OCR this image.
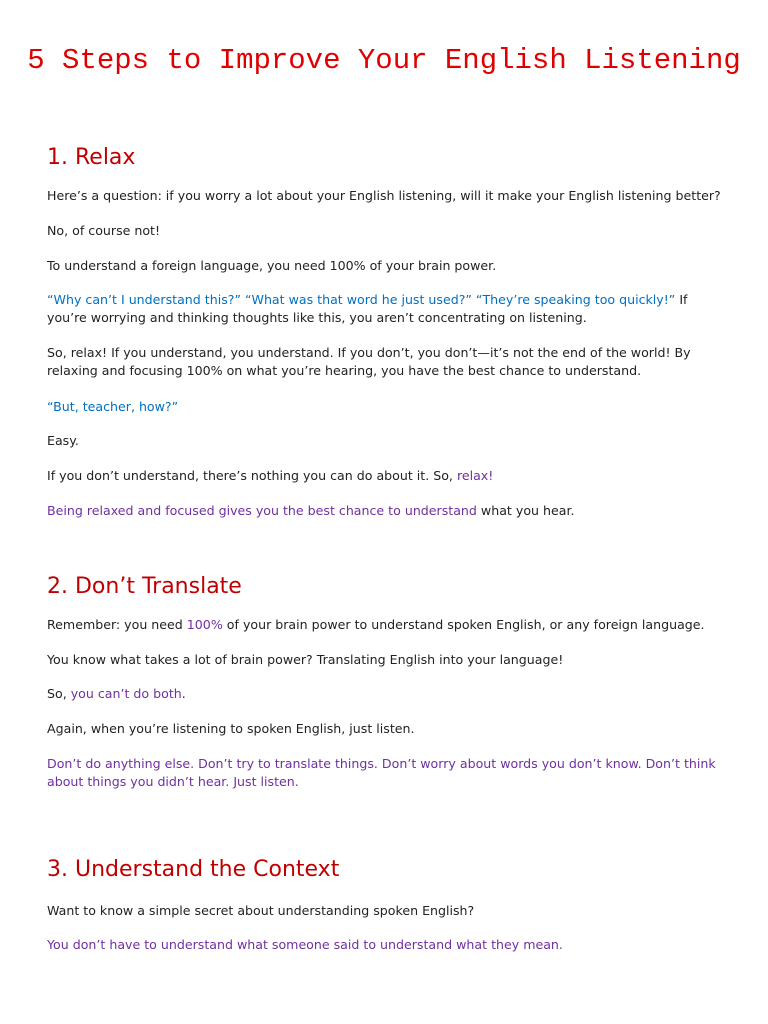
5 Steps to Improve Your English Listening
1. Relax

Here’s a question: if you worry a lot about your English listening, will it make your English listening better?

No, of course not!

To understand a foreign language, you need 100% of your brain power.

“Why can’t I understand this?” “What was that word he just used?” “They’re speaking too quickly!” If you’re worrying and thinking thoughts like this, you aren’t concentrating on listening.

So, relax! If you understand, you understand. If you don’t, you don’t—it’s not the end of the world! By relaxing and focusing 100% on what you’re hearing, you have the best chance to understand.

“But, teacher, how?”

Easy.

If you don’t understand, there’s nothing you can do about it. So, relax!

Being relaxed and focused gives you the best chance to understand what you hear.

2. Don’t Translate

Remember: you need 100% of your brain power to understand spoken English, or any foreign language.

You know what takes a lot of brain power? Translating English into your language!

So, you can’t do both.

Again, when you’re listening to spoken English, just listen.

Don’t do anything else. Don’t try to translate things. Don’t worry about words you don’t know. Don’t think about things you didn’t hear. Just listen.

3. Understand the Context

Want to know a simple secret about understanding spoken English?

You don’t have to understand what someone said to understand what they mean.
